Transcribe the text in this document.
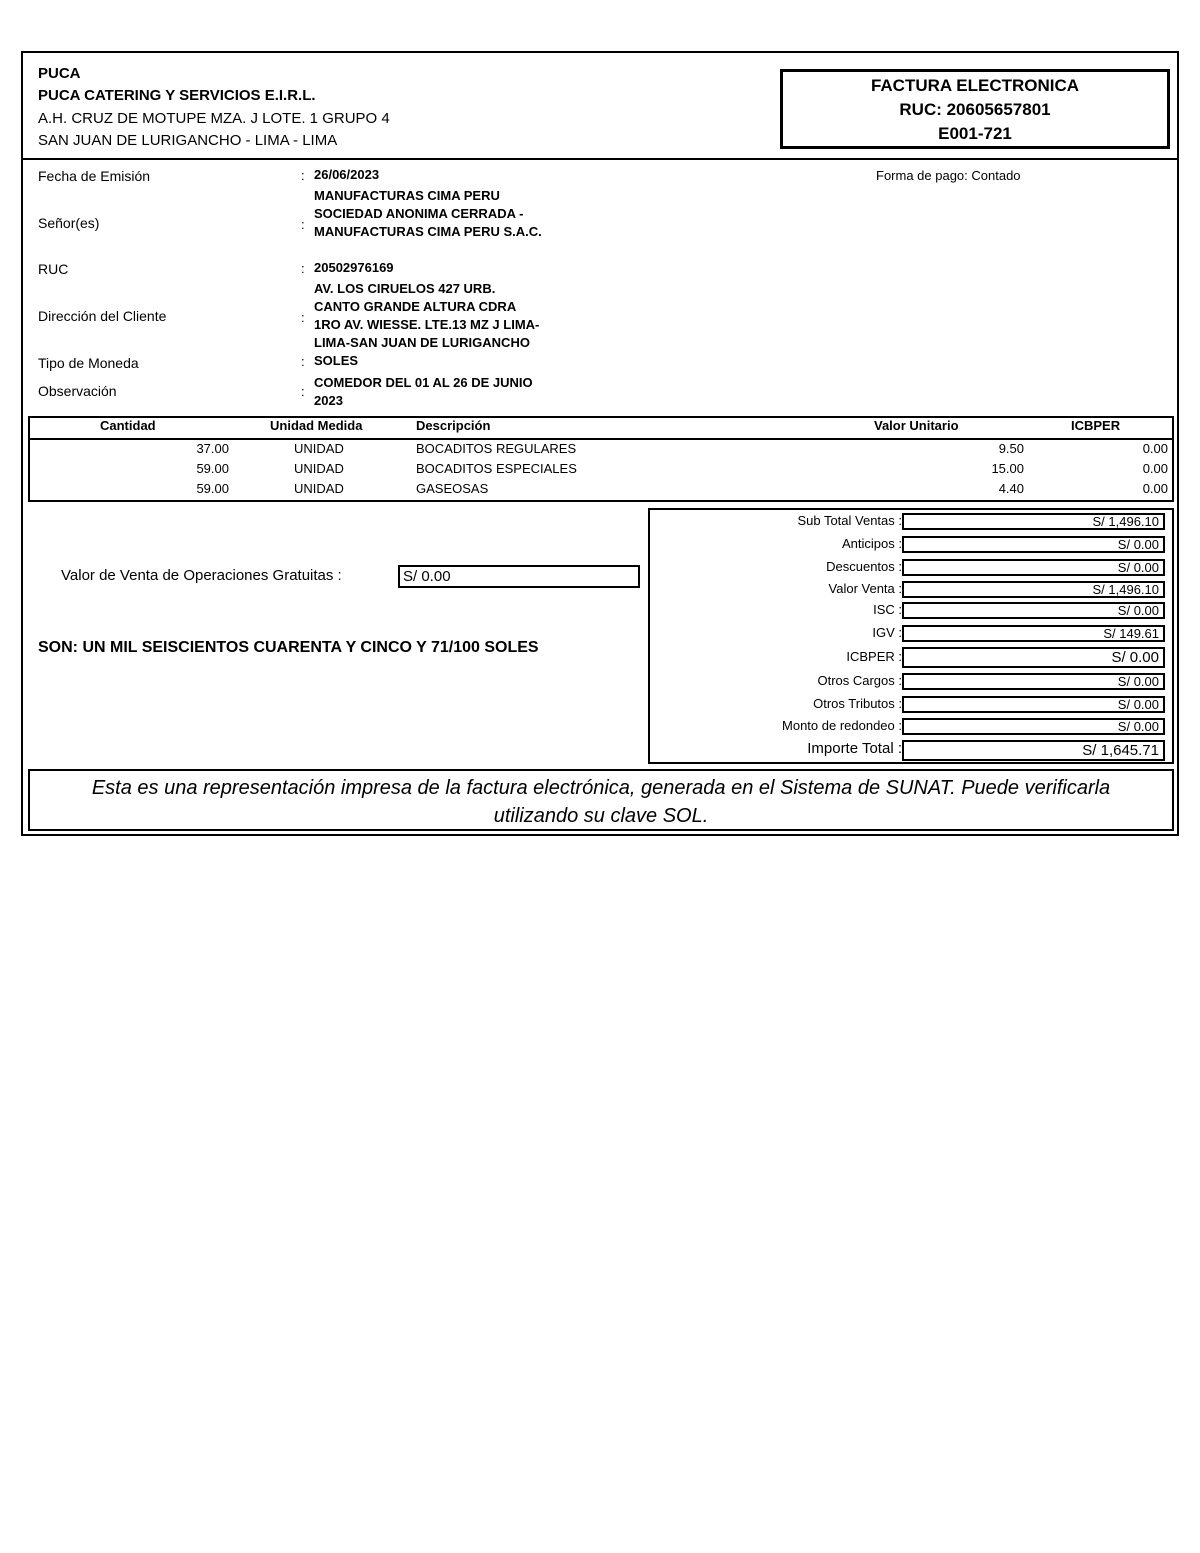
PUCA
PUCA CATERING Y SERVICIOS E.I.R.L.
A.H. CRUZ DE MOTUPE MZA. J LOTE. 1 GRUPO 4
SAN JUAN DE LURIGANCHO - LIMA - LIMA
FACTURA ELECTRONICA
RUC: 20605657801
E001-721
Fecha de Emisión	: 26/06/2023	Forma de pago: Contado
Señor(es)	:
MANUFACTURAS CIMA PERU
SOCIEDAD ANONIMA CERRADA -
MANUFACTURAS CIMA PERU S.A.C.
RUC	: 20502976169
Dirección del Cliente	:
AV. LOS CIRUELOS 427 URB.
CANTO GRANDE ALTURA CDRA
1RO AV. WIESSE. LTE.13 MZ J LIMA-
LIMA-SAN JUAN DE LURIGANCHO
Tipo de Moneda	: SOLES
Observación	:
COMEDOR DEL 01 AL 26 DE JUNIO
2023
Cantidad	Unidad Medida	Descripción	Valor Unitario	ICBPER
37.00	UNIDAD	BOCADITOS REGULARES	9.50	0.00
59.00	UNIDAD	BOCADITOS ESPECIALES	15.00	0.00
59.00	UNIDAD	GASEOSAS	4.40	0.00
Valor de Venta de Operaciones Gratuitas :	S/ 0.00
SON: UN MIL SEISCIENTOS CUARENTA Y CINCO Y 71/100 SOLES
Sub Total Ventas :	S/ 1,496.10
Anticipos :	S/ 0.00
Descuentos :	S/ 0.00
Valor Venta :	S/ 1,496.10
ISC :	S/ 0.00
IGV :	S/ 149.61
ICBPER :	S/ 0.00
Otros Cargos :	S/ 0.00
Otros Tributos :	S/ 0.00
Monto de redondeo :	S/ 0.00
Importe Total :	S/ 1,645.71
Esta es una representación impresa de la factura electrónica, generada en el Sistema de SUNAT. Puede verificarla utilizando su clave SOL.
